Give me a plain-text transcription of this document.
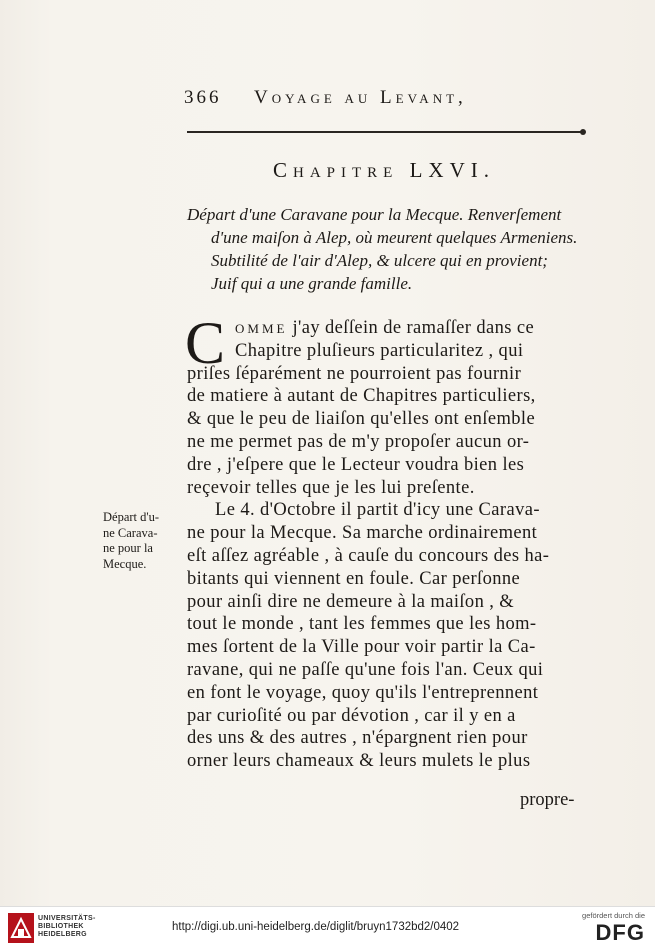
366	Voyage au Levant,
Chapitre LXVI.
Départ d'une Caravane pour la Mecque. Renverſement
d'une maiſon à Alep, où meurent quelques Armeniens.
Subtilité de l'air d'Alep, & ulcere qui en provient;
Juif qui a une grande famille.
C omme j'ay deſſein de ramaſſer dans ce
Chapitre pluſieurs particularitez , qui
priſes ſéparément ne pourroient pas fournir
de matiere à autant de Chapitres particuliers,
& que le peu de liaiſon qu'elles ont enſemble
ne me permet pas de m'y propoſer aucun or-
dre , j'eſpere que le Lecteur voudra bien les
reçevoir telles que je les lui preſente.
Le 4. d'Octobre il partit d'icy une Carava-
ne pour la Mecque. Sa marche ordinairement
eſt aſſez agréable , à cauſe du concours des ha-
bitants qui viennent en foule. Car perſonne
pour ainſi dire ne demeure à la maiſon , &
tout le monde , tant les femmes que les hom-
mes ſortent de la Ville pour voir partir la Ca-
ravane, qui ne paſſe qu'une fois l'an. Ceux qui
en font le voyage, quoy qu'ils l'entreprennent
par curioſité ou par dévotion , car il y en a
des uns & des autres , n'épargnent rien pour
orner leurs chameaux & leurs mulets le plus
Départ d'u-
ne Carava-
ne pour la
Mecque.
propre-
UNIVERSITÄTS-
BIBLIOTHEK
HEIDELBERG
http://digi.ub.uni-heidelberg.de/diglit/bruyn1732bd2/0402
gefördert durch die
DFG
